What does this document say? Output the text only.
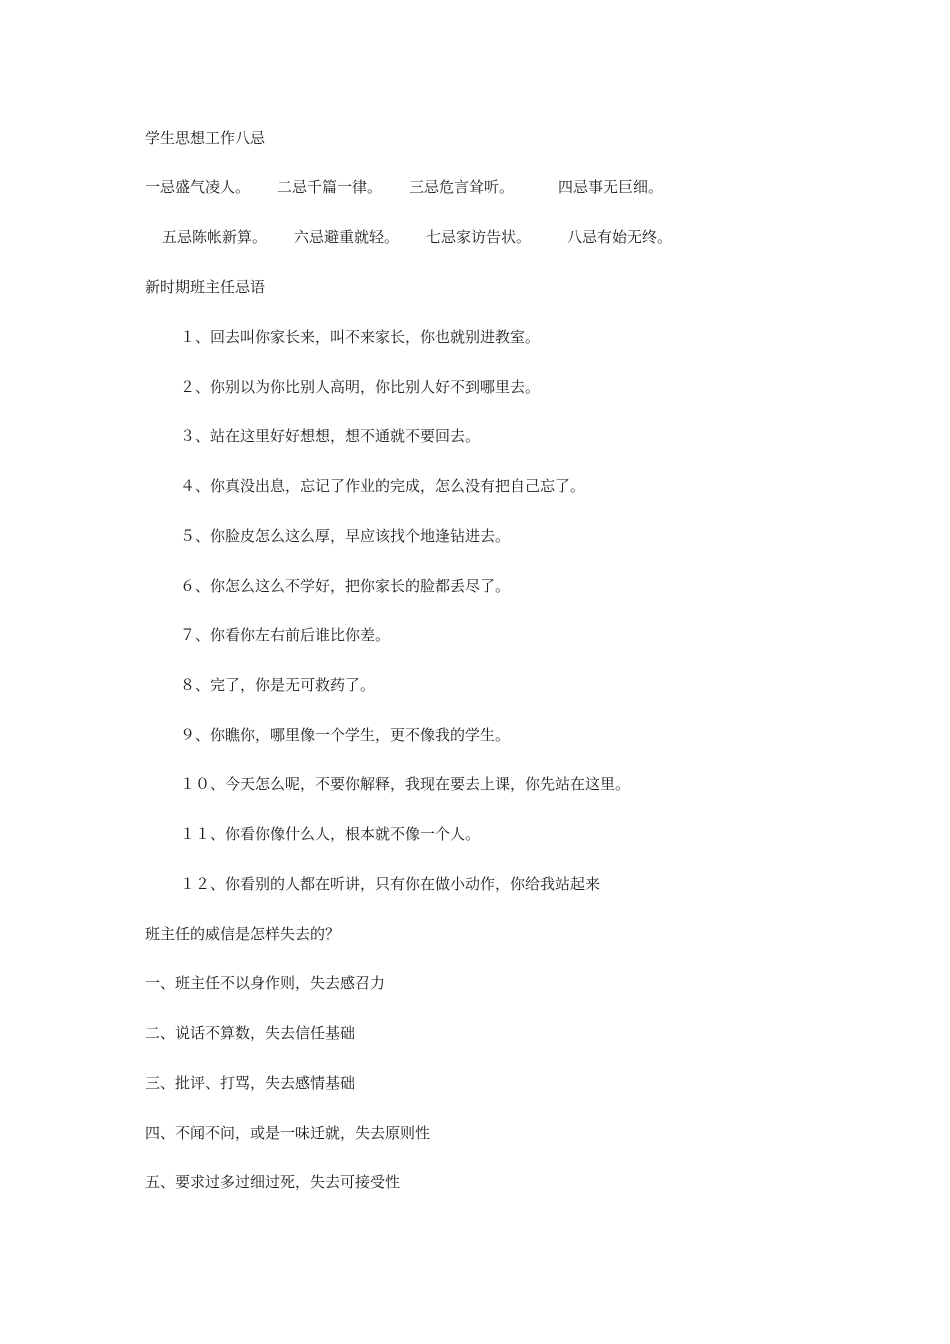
学生思想工作八忌
一忌盛气凌人。 二忌千篇一律。 三忌危言耸听。	四忌事无巨细。
五忌陈帐新算。 六忌避重就轻。 七忌家访告状。 八忌有始无终。
新时期班主任忌语
１、回去叫你家长来，叫不来家长，你也就别进教室。
２、你别以为你比别人高明，你比别人好不到哪里去。
３、站在这里好好想想，想不通就不要回去。
４、你真没出息，忘记了作业的完成，怎么没有把自己忘了。
５、你脸皮怎么这么厚，早应该找个地逢钻进去。
６、你怎么这么不学好，把你家长的脸都丢尽了。
７、你看你左右前后谁比你差。
８、完了，你是无可救药了。
９、你瞧你，哪里像一个学生，更不像我的学生。
１０、今天怎么呢，不要你解释，我现在要去上课，你先站在这里。
１１、你看你像什么人，根本就不像一个人。
１２、你看别的人都在听讲，只有你在做小动作，你给我站起来
班主任的威信是怎样失去的？
一、班主任不以身作则，失去感召力
二、说话不算数，失去信任基础
三、批评、打骂，失去感情基础
四、不闻不问，或是一味迁就，失去原则性
五、要求过多过细过死，失去可接受性
